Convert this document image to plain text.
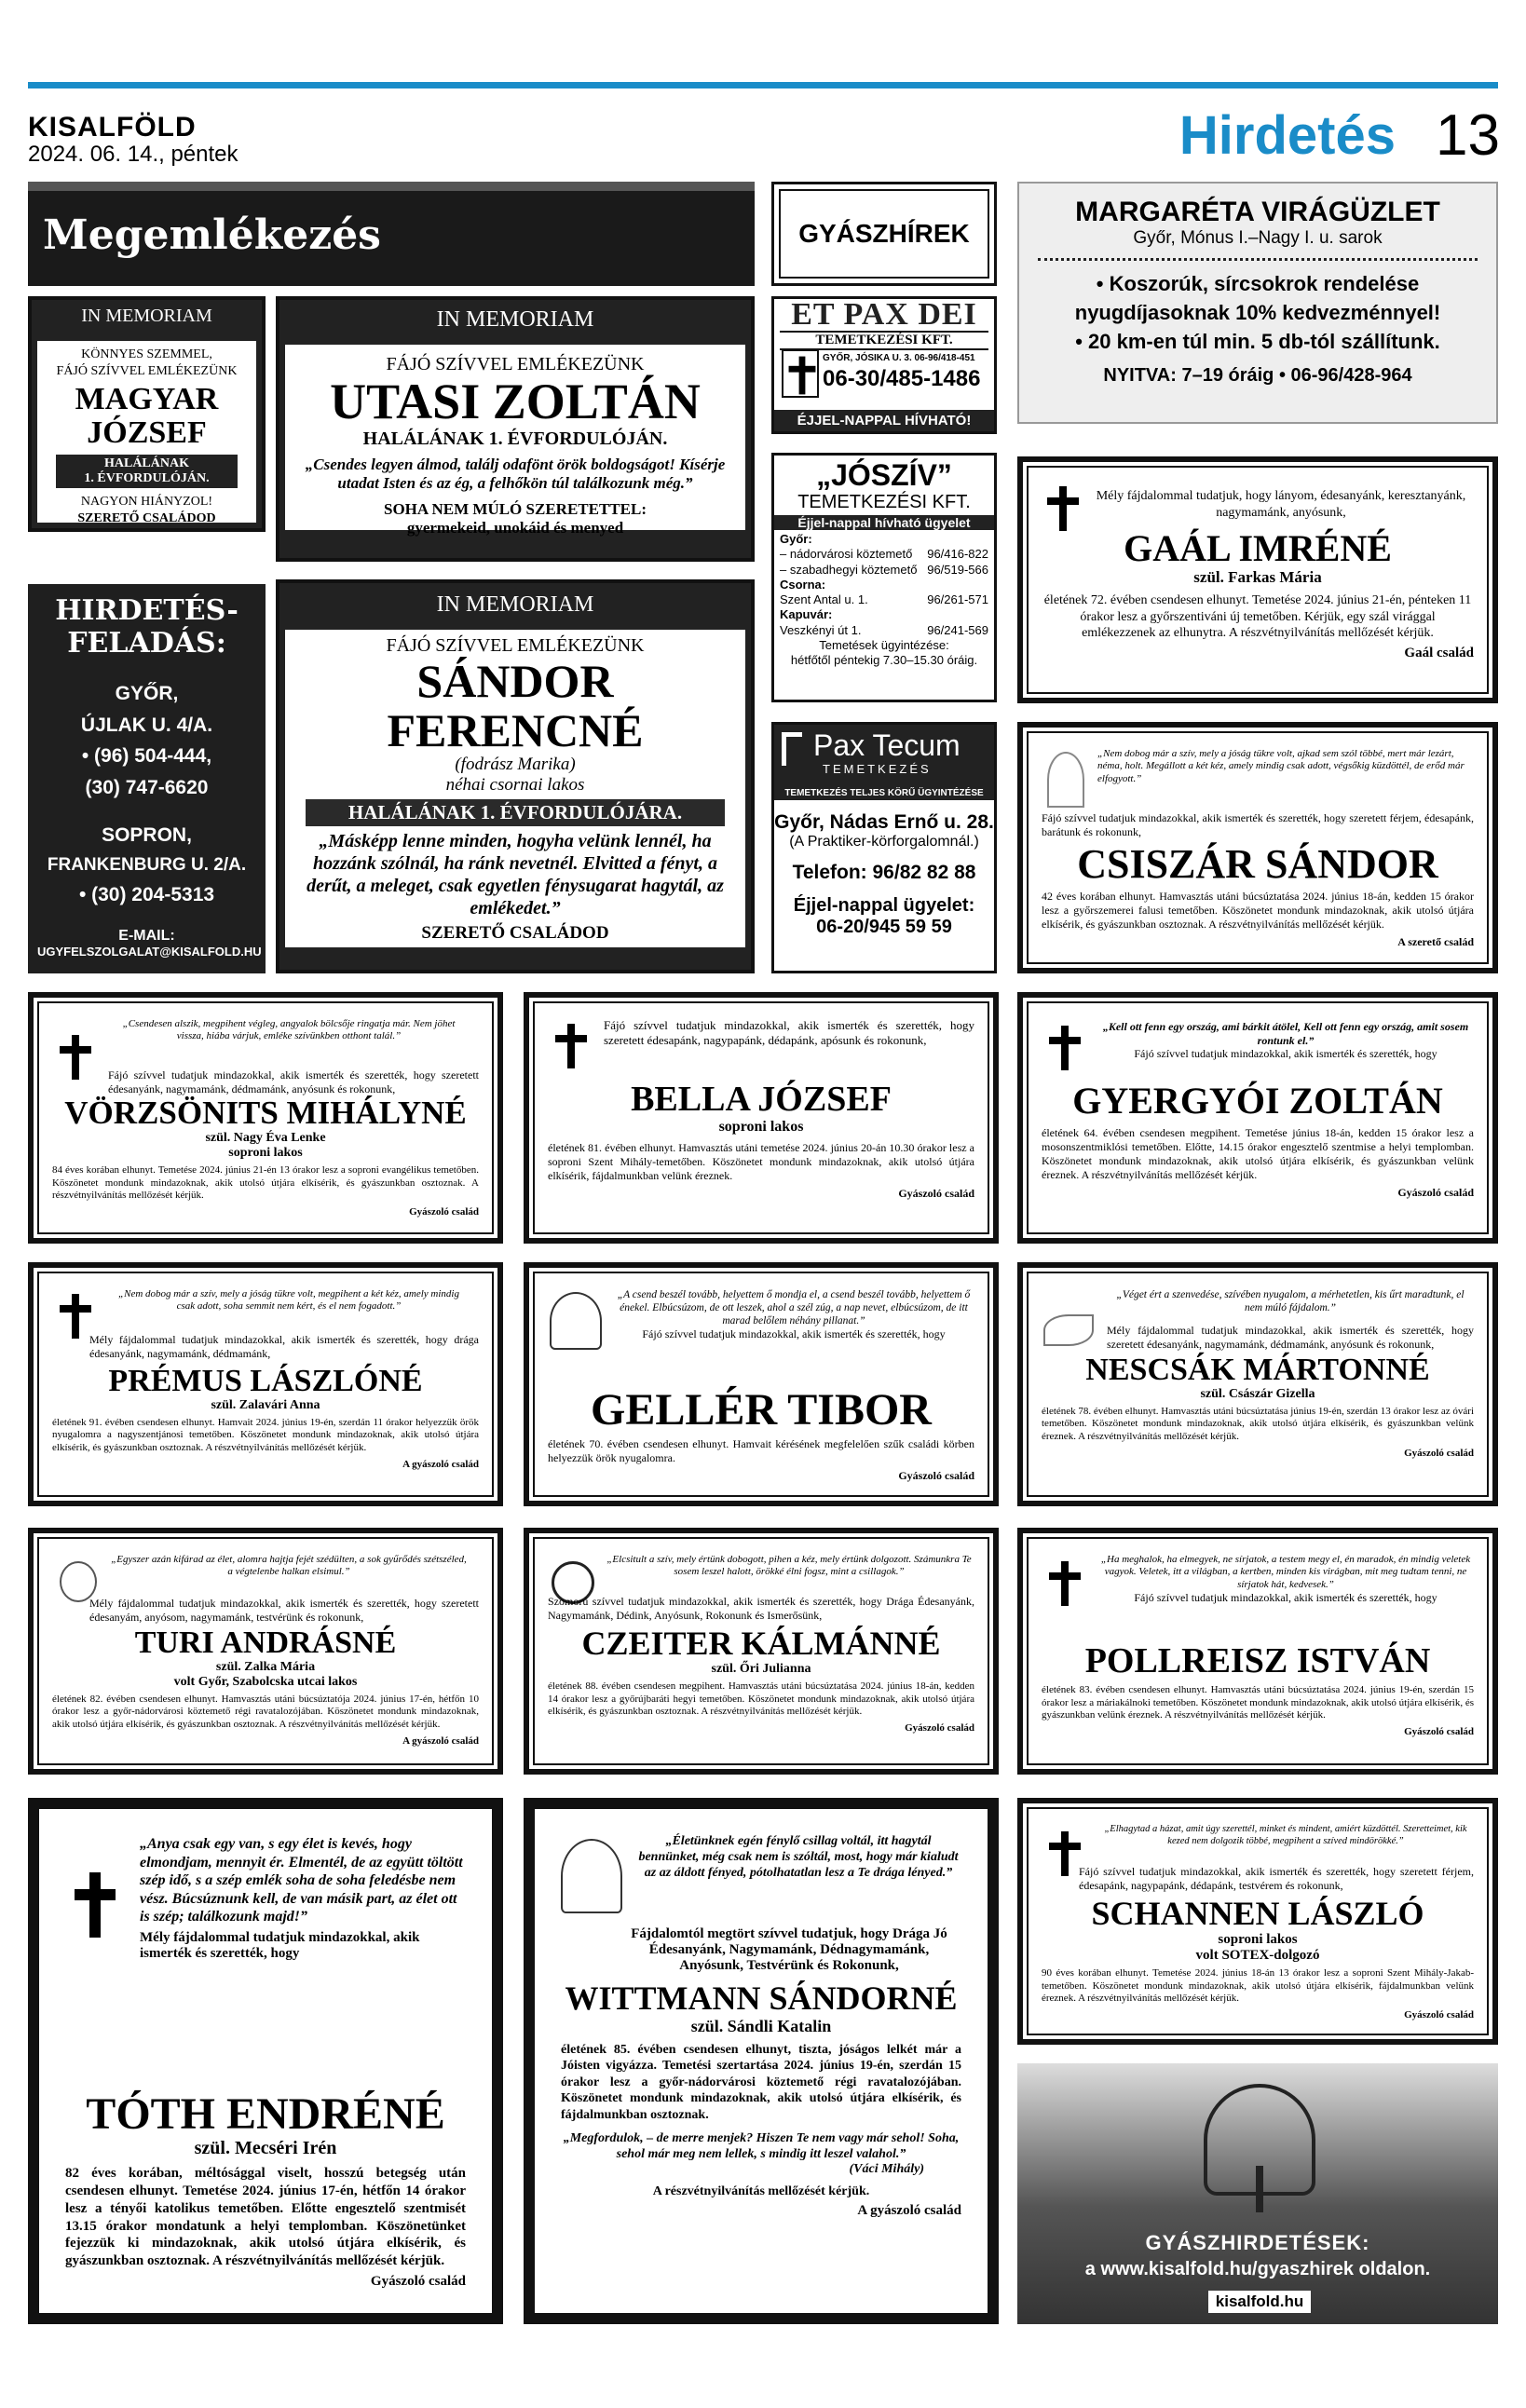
KISALFÖLD
2024. 06. 14., péntek	Hirdetés 13
Megemlékezés
KÖNNYES SZEMMEL,
FÁJÓ SZÍVVEL EMLÉKEZÜNK
MAGYAR
JÓZSEF
HALÁLÁNAK
1. ÉVFORDULÓJÁN.
NAGYON HIÁNYZOL!
SZERETŐ CSALÁDOD
IN MEMORIAM	IN MEMORIAM
FÁJÓ SZÍVVEL EMLÉKEZÜNK
UTASI ZOLTÁN
HALÁLÁNAK 1. ÉVFORDULÓJÁN.
„Csendes legyen álmod, találj odafönt örök boldogságot! Kísérje utadat Isten és az ég, a felhőkön túl találkozunk még.”
SOHA NEM MÚLÓ SZERETETTEL:
gyermekeid, unokáid és menyed
HIRDETÉS-
FELADÁS:
GYŐR,
ÚJLAK U. 4/A.
• (96) 504-444,
(30) 747-6620
SOPRON,
FRANKENBURG U. 2/A.
• (30) 204-5313
E-MAIL:
UGYFELSZOLGALAT@KISALFOLD.HU
IN MEMORIAM
FÁJÓ SZÍVVEL EMLÉKEZÜNK
SÁNDOR
FERENCNÉ
(fodrász Marika)
néhai csornai lakos
HALÁLÁNAK 1. ÉVFORDULÓJÁRA.
„Másképp lenne minden, hogyha velünk lennél, ha hozzánk szólnál, ha ránk nevetnél. Elvitted a fényt, a derűt, a meleget, csak egyetlen fénysugarat hagytál, az emlékedet.”
SZERETŐ CSALÁDOD
GYÁSZHÍREK
ET PAX DEI
TEMETKEZÉSI KFT.
GYŐR, JÓSIKA U. 3. 06-96/418-451
06-30/485-1486
ÉJJEL-NAPPAL HÍVHATÓ!
„JÓSZÍV”
TEMETKEZÉSI KFT.
Éjjel-nappal hívható ügyelet
Győr:
– nádorvárosi köztemető 96/416-822
– szabadhegyi köztemető 96/519-566
Csorna:
Szent Antal u. 1.	96/261-571
Kapuvár:
Veszkényi út 1.	96/241-569
Temetések ügyintézése:
hétfőtől péntekig 7.30–15.30 óráig.
Pax Tecum
TEMETKEZÉS
TEMETKEZÉS TELJES KÖRŰ ÜGYINTÉZÉSE
Győr, Nádas Ernő u. 28.
(A Praktiker-körforgalomnál.)
Telefon: 96/82 82 88
Éjjel-nappal ügyelet:
06-20/945 59 59
MARGARÉTA VIRÁGÜZLET
Győr, Mónus I.–Nagy I. u. sarok
• Koszorúk, sírcsokrok rendelése
nyugdíjasoknak 10% kedvezménnyel!
• 20 km-en túl min. 5 db-tól szállítunk.
NYITVA: 7–19 óráig • 06-96/428-964
Mély fájdalommal tudatjuk, hogy lányom, édesanyánk, keresztanyánk, nagymamánk, anyósunk,
GAÁL IMRÉNÉ
szül. Farkas Mária
életének 72. évében csendesen elhunyt. Temetése 2024. június 21-én, pénteken 11 órakor lesz a győrszentiváni új temetőben. Kérjük, egy szál virággal emlékezzenek az elhunytra. A részvétnyilvánítás mellőzését kérjük.
Gaál család
„Nem dobog már a szív, mely a jóság tükre volt, ajkad sem szól többé, mert már lezárt, néma, holt. Megállott a két kéz, amely mindig csak adott, végsőkig küzdöttél, de erőd már elfogyott.”
Fájó szívvel tudatjuk mindazokkal, akik ismerték és szerették, hogy szeretett férjem, édesapánk, barátunk és rokonunk,
CSISZÁR SÁNDOR
42 éves korában elhunyt. Hamvasztás utáni búcsúztatása 2024. június 18-án, kedden 15 órakor lesz a győrszemerei falusi temetőben. Köszönetet mondunk mindazoknak, akik utolsó útjára elkísérik, és gyászunkban osztoznak. A részvétnyilvánítás mellőzését kérjük.
A szerető család
„Csendesen alszik, megpihent végleg, angyalok bölcsője ringatja már. Nem jöhet vissza, hiába várjuk, emléke szívünkben otthont talál.”
Fájó szívvel tudatjuk mindazokkal, akik ismerték és szerették, hogy szeretett édesanyánk, nagymamánk, dédmamánk, anyósunk és rokonunk,
VÖRZSÖNITS MIHÁLYNÉ
szül. Nagy Éva Lenke
soproni lakos
84 éves korában elhunyt. Temetése 2024. június 21-én 13 órakor lesz a soproni evangélikus temetőben. Köszönetet mondunk mindazoknak, akik utolsó útjára elkísérik, és gyászunkban osztoznak. A részvétnyilvánítás mellőzését kérjük.
Gyászoló család
Fájó szívvel tudatjuk mindazokkal, akik ismerték és szerették, hogy szeretett édesapánk, nagypapánk, dédapánk, apósunk és rokonunk,
BELLA JÓZSEF
soproni lakos
életének 81. évében elhunyt. Hamvasztás utáni temetése 2024. június 20-án 10.30 órakor lesz a soproni Szent Mihály-temetőben. Köszönetet mondunk mindazoknak, akik utolsó útjára elkísérik, fájdalmunkban velünk éreznek.
Gyászoló család
„Kell ott fenn egy ország, ami bárkit átölel, Kell ott fenn egy ország, amit sosem rontunk el.”
Fájó szívvel tudatjuk mindazokkal, akik ismerték és szerették, hogy
GYERGYÓI ZOLTÁN
életének 64. évében csendesen megpihent. Temetése június 18-án, kedden 15 órakor lesz a mosonszentmiklósi temetőben. Előtte, 14.15 órakor engesztelő szentmise a helyi templomban. Köszönetet mondunk mindazoknak, akik utolsó útjára elkísérik, és gyászunkban velünk éreznek. A részvétnyilvánítás mellőzését kérjük.
Gyászoló család
„Nem dobog már a szív, mely a jóság tükre volt, megpihent a két kéz, amely mindig csak adott, soha semmit nem kért, és el nem fogadott.”
Mély fájdalommal tudatjuk mindazokkal, akik ismerték és szerették, hogy drága édesanyánk, nagymamánk, dédmamánk,
PRÉMUS LÁSZLÓNÉ
szül. Zalavári Anna
életének 91. évében csendesen elhunyt. Hamvait 2024. június 19-én, szerdán 11 órakor helyezzük örök nyugalomra a nagyszentjánosi temetőben. Köszönetet mondunk mindazoknak, akik utolsó útjára elkísérik, és gyászunkban osztoznak. A részvétnyilvánítás mellőzését kérjük.
A gyászoló család
„A csend beszél tovább, helyettem ő mondja el, a csend beszél tovább, helyettem ő énekel. Elbúcsúzom, de ott leszek, ahol a szél zúg, a nap nevet, elbúcsúzom, de itt marad belőlem néhány pillanat.”
Fájó szívvel tudatjuk mindazokkal, akik ismerték és szerették, hogy
GELLÉR TIBOR
életének 70. évében csendesen elhunyt. Hamvait kérésének megfelelően szűk családi körben helyezzük örök nyugalomra.
Gyászoló család
„Véget ért a szenvedése, szívében nyugalom, a mérhetetlen, kis űrt maradtunk, el nem múló fájdalom.”
Mély fájdalommal tudatjuk mindazokkal, akik ismerték és szerették, hogy szeretett édesanyánk, nagymamánk, dédmamánk, anyósunk és rokonunk,
NESCSÁK MÁRTONNÉ
szül. Császár Gizella
életének 78. évében elhunyt. Hamvasztás utáni búcsúztatása június 19-én, szerdán 13 órakor lesz az óvári temetőben. Köszönetet mondunk mindazoknak, akik utolsó útjára elkísérik, és gyászunkban velünk éreznek. A részvétnyilvánítás mellőzését kérjük.
Gyászoló család
„Egyszer azán kifárad az élet, alomra hajtja fejét szédülten, a sok gyűrődés szétszéled, a végtelenbe halkan elsimul.”
Mély fájdalommal tudatjuk mindazokkal, akik ismerték és szerették, hogy szeretett édesanyám, anyósom, nagymamánk, testvérünk és rokonunk,
TURI ANDRÁSNÉ
szül. Zalka Mária
volt Győr, Szabolcska utcai lakos
életének 82. évében csendesen elhunyt. Hamvasztás utáni búcsúztatója 2024. június 17-én, hétfőn 10 órakor lesz a győr-nádorvárosi köztemető régi ravatalozójában. Köszönetet mondunk mindazoknak, akik utolsó útjára elkísérik, és gyászunkban osztoznak. A részvétnyilvánítás mellőzését kérjük.
A gyászoló család
„Elcsitult a szív, mely értünk dobogott, pihen a kéz, mely értünk dolgozott. Számunkra Te sosem leszel halott, örökké élni fogsz, mint a csillagok.”
Szomorú szívvel tudatjuk mindazokkal, akik ismerték és szerették, hogy Drága Édesanyánk, Nagymamánk, Dédink, Anyósunk, Rokonunk és Ismerősünk,
CZEITER KÁLMÁNNÉ
szül. Őri Julianna
életének 88. évében csendesen megpihent. Hamvasztás utáni búcsúztatása 2024. június 18-án, kedden 14 órakor lesz a győrújbaráti hegyi temetőben. Köszönetet mondunk mindazoknak, akik utolsó útjára elkísérik, és gyászunkban osztoznak. A részvétnyilvánítás mellőzését kérjük.
Gyászoló család
„Ha meghalok, ha elmegyek, ne sírjatok, a testem megy el, én maradok, én mindig veletek vagyok. Veletek, itt a világban, a kertben, minden kis virágban, mit meg tudtam tenni, ne sírjatok hát, kedvesek.”
Fájó szívvel tudatjuk mindazokkal, akik ismerték és szerették, hogy
POLLREISZ ISTVÁN
életének 83. évében csendesen elhunyt. Hamvasztás utáni búcsúztatása 2024. június 19-én, szerdán 15 órakor lesz a máriakálnoki temetőben. Köszönetet mondunk mindazoknak, akik utolsó útjára elkísérik, és gyászunkban velünk éreznek. A részvétnyilvánítás mellőzését kérjük.
Gyászoló család
„Anya csak egy van, s egy élet is kevés, hogy elmondjam, mennyit ér. Elmentél, de az együtt töltött szép idő, s a szép emlék soha de soha feledésbe nem vész. Búcsúznunk kell, de van másik part, az élet ott is szép; találkozunk majd!”
Mély fájdalommal tudatjuk mindazokkal, akik ismerték és szerették, hogy
TÓTH ENDRÉNÉ
szül. Mecséri Irén
82 éves korában, méltósággal viselt, hosszú betegség után csendesen elhunyt. Temetése 2024. június 17-én, hétfőn 14 órakor lesz a tényői katolikus temetőben. Előtte engesztelő szentmisét 13.15 órakor mondatunk a helyi templomban. Köszönetünket fejezzük ki mindazoknak, akik utolsó útjára elkísérik, és gyászunkban osztoznak. A részvétnyilvánítás mellőzését kérjük.
Gyászoló család
„Életünknek egén fénylő csillag voltál, itt hagytál bennünket, még csak nem is szóltál, most, hogy már kialudt az az áldott fényed, pótolhatatlan lesz a Te drága lényed.”
Fájdalomtól megtört szívvel tudatjuk, hogy Drága Jó Édesanyánk, Nagymamánk, Dédnagymamánk, Anyósunk, Testvérünk és Rokonunk,
WITTMANN SÁNDORNÉ
szül. Sándli Katalin
életének 85. évében csendesen elhunyt, tiszta, jóságos lelkét már a Jóisten vigyázza. Temetési szertartása 2024. június 19-én, szerdán 15 órakor lesz a győr-nádorvárosi köztemető régi ravatalozójában. Köszönetet mondunk mindazoknak, akik utolsó útjára elkísérik, és fájdalmunkban osztoznak.
„Megfordulok, – de merre menjek? Hiszen Te nem vagy már sehol! Soha, sehol már meg nem lellek, s mindig itt leszel valahol.”
(Váci Mihály)
A részvétnyilvánítás mellőzését kérjük.
A gyászoló család
„Elhagytad a házat, amit úgy szerettél, minket és mindent, amiért küzdöttél. Szeretteimet, kik kezed nem dolgozik többé, megpihent a szíved mindörökké.”
Fájó szívvel tudatjuk mindazokkal, akik ismerték és szerették, hogy szeretett férjem, édesapánk, nagypapánk, dédapánk, testvérem és rokonunk,
SCHANNEN LÁSZLÓ
soproni lakos
volt SOTEX-dolgozó
90 éves korában elhunyt. Temetése 2024. június 18-án 13 órakor lesz a soproni Szent Mihály-Jakab-temetőben. Köszönetet mondunk mindazoknak, akik utolsó útjára elkísérik, fájdalmunkban velünk éreznek. A részvétnyilvánítás mellőzését kérjük.
Gyászoló család
GYÁSZHIRDETÉSEK:
a www.kisalfold.hu/gyaszhirek oldalon.
kisalfold.hu
